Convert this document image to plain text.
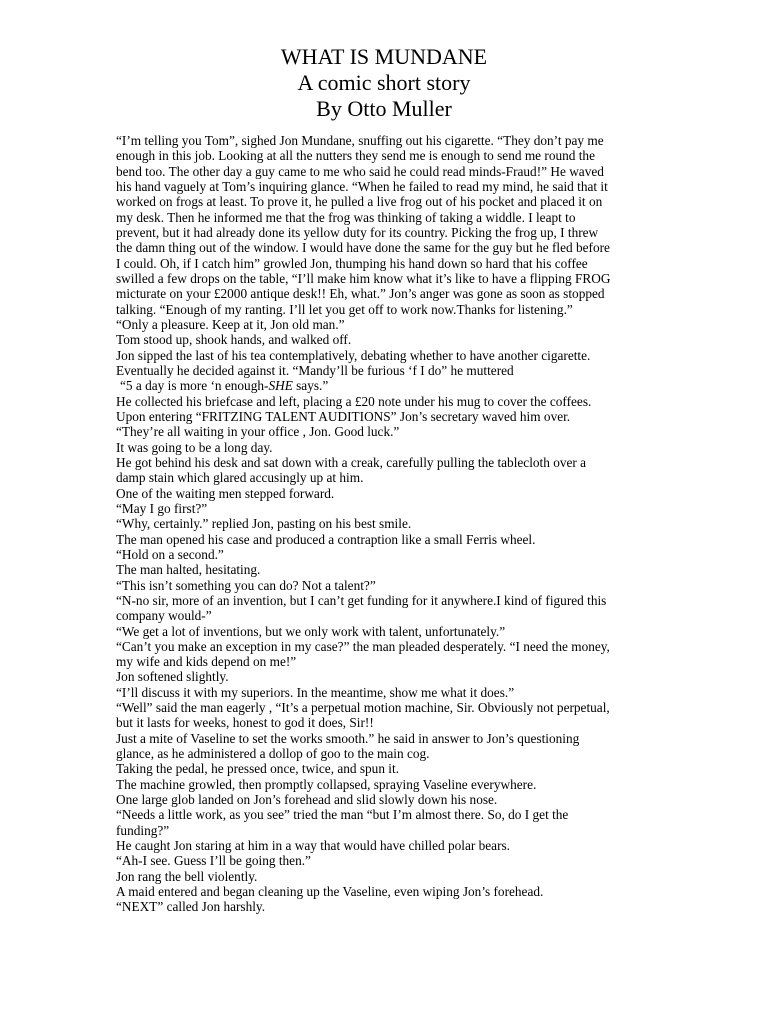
WHAT IS MUNDANE
A comic short story
By Otto Muller
“I’m telling you Tom”, sighed Jon Mundane, snuffing out his cigarette. “They don’t pay me
enough in this job. Looking at all the nutters they send me is enough to send me round the
bend too. The other day a guy came to me who said he could read minds-Fraud!” He waved
his hand vaguely at Tom’s inquiring glance. “When he failed to read my mind, he said that it
worked on frogs at least. To prove it, he pulled a live frog out of his pocket and placed it on
my desk. Then he informed me that the frog was thinking of taking a widdle. I leapt to
prevent, but it had already done its yellow duty for its country. Picking the frog up, I threw
the damn thing out of the window. I would have done the same for the guy but he fled before
I could. Oh, if I catch him” growled Jon, thumping his hand down so hard that his coffee
swilled a few drops on the table, “I’ll make him know what it’s like to have a flipping FROG
micturate on your £2000 antique desk!! Eh, what.” Jon’s anger was gone as soon as stopped
talking. “Enough of my ranting. I’ll let you get off to work now.Thanks for listening.”
“Only a pleasure. Keep at it, Jon old man.”
Tom stood up, shook hands, and walked off.
Jon sipped the last of his tea contemplatively, debating whether to have another cigarette.
Eventually he decided against it. “Mandy’ll be furious ‘f I do” he muttered
“5 a day is more ‘n enough-SHE says.”
He collected his briefcase and left, placing a £20 note under his mug to cover the coffees.
Upon entering “FRITZING TALENT AUDITIONS” Jon’s secretary waved him over.
“They’re all waiting in your office , Jon. Good luck.”
It was going to be a long day.
He got behind his desk and sat down with a creak, carefully pulling the tablecloth over a
damp stain which glared accusingly up at him.
One of the waiting men stepped forward.
“May I go first?”
“Why, certainly.” replied Jon, pasting on his best smile.
The man opened his case and produced a contraption like a small Ferris wheel.
“Hold on a second.”
The man halted, hesitating.
“This isn’t something you can do? Not a talent?”
“N-no sir, more of an invention, but I can’t get funding for it anywhere.I kind of figured this
company would-”
“We get a lot of inventions, but we only work with talent, unfortunately.”
“Can’t you make an exception in my case?” the man pleaded desperately. “I need the money,
my wife and kids depend on me!”
Jon softened slightly.
“I’ll discuss it with my superiors. In the meantime, show me what it does.”
“Well” said the man eagerly , “It’s a perpetual motion machine, Sir. Obviously not perpetual,
but it lasts for weeks, honest to god it does, Sir!!
Just a mite of Vaseline to set the works smooth.” he said in answer to Jon’s questioning
glance, as he administered a dollop of goo to the main cog.
Taking the pedal, he pressed once, twice, and spun it.
The machine growled, then promptly collapsed, spraying Vaseline everywhere.
One large glob landed on Jon’s forehead and slid slowly down his nose.
“Needs a little work, as you see” tried the man “but I’m almost there. So, do I get the
funding?”
He caught Jon staring at him in a way that would have chilled polar bears.
“Ah-I see. Guess I’ll be going then.”
Jon rang the bell violently.
A maid entered and began cleaning up the Vaseline, even wiping Jon’s forehead.
“NEXT” called Jon harshly.
